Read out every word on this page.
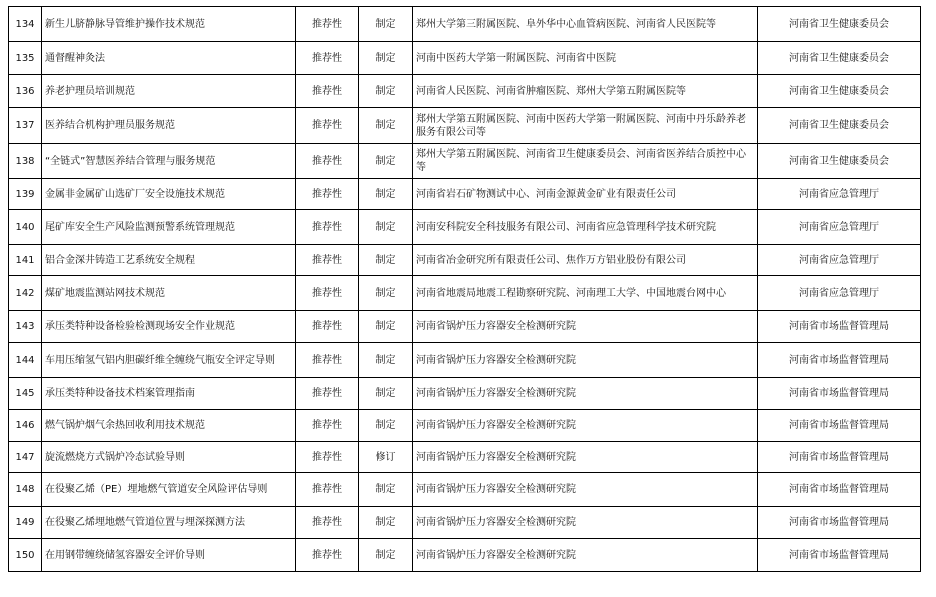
134	新生儿脐静脉导管维护操作技术规范	推荐性	制定	郑州大学第三附属医院、阜外华中心血管病医院、河南省人民医院等	河南省卫生健康委员会
135	通督醒神灸法	推荐性	制定	河南中医药大学第一附属医院、河南省中医院	河南省卫生健康委员会
136	养老护理员培训规范	推荐性	制定	河南省人民医院、河南省肿瘤医院、郑州大学第五附属医院等	河南省卫生健康委员会
137	医养结合机构护理员服务规范	推荐性	制定	郑州大学第五附属医院、河南中医药大学第一附属医院、河南中丹乐龄养老服务有限公司等	河南省卫生健康委员会
138	“全链式”智慧医养结合管理与服务规范	推荐性	制定	郑州大学第五附属医院、河南省卫生健康委员会、河南省医养结合质控中心等	河南省卫生健康委员会
139	金属非金属矿山选矿厂安全设施技术规范	推荐性	制定	河南省岩石矿物测试中心、河南金源黄金矿业有限责任公司	河南省应急管理厅
140	尾矿库安全生产风险监测预警系统管理规范	推荐性	制定	河南安科院安全科技服务有限公司、河南省应急管理科学技术研究院	河南省应急管理厅
141	铝合金深井铸造工艺系统安全规程	推荐性	制定	河南省冶金研究所有限责任公司、焦作万方铝业股份有限公司	河南省应急管理厅
142	煤矿地震监测站网技术规范	推荐性	制定	河南省地震局地震工程勘察研究院、河南理工大学、中国地震台网中心	河南省应急管理厅
143	承压类特种设备检验检测现场安全作业规范	推荐性	制定	河南省锅炉压力容器安全检测研究院	河南省市场监督管理局
144	车用压缩氢气铝内胆碳纤维全缠绕气瓶安全评定导则	推荐性	制定	河南省锅炉压力容器安全检测研究院	河南省市场监督管理局
145	承压类特种设备技术档案管理指南	推荐性	制定	河南省锅炉压力容器安全检测研究院	河南省市场监督管理局
146	燃气锅炉烟气余热回收利用技术规范	推荐性	制定	河南省锅炉压力容器安全检测研究院	河南省市场监督管理局
147	旋流燃烧方式锅炉冷态试验导则	推荐性	修订	河南省锅炉压力容器安全检测研究院	河南省市场监督管理局
148	在役聚乙烯（PE）埋地燃气管道安全风险评估导则	推荐性	制定	河南省锅炉压力容器安全检测研究院	河南省市场监督管理局
149	在役聚乙烯埋地燃气管道位置与埋深探测方法	推荐性	制定	河南省锅炉压力容器安全检测研究院	河南省市场监督管理局
150	在用钢带缠绕储氢容器安全评价导则	推荐性	制定	河南省锅炉压力容器安全检测研究院	河南省市场监督管理局
